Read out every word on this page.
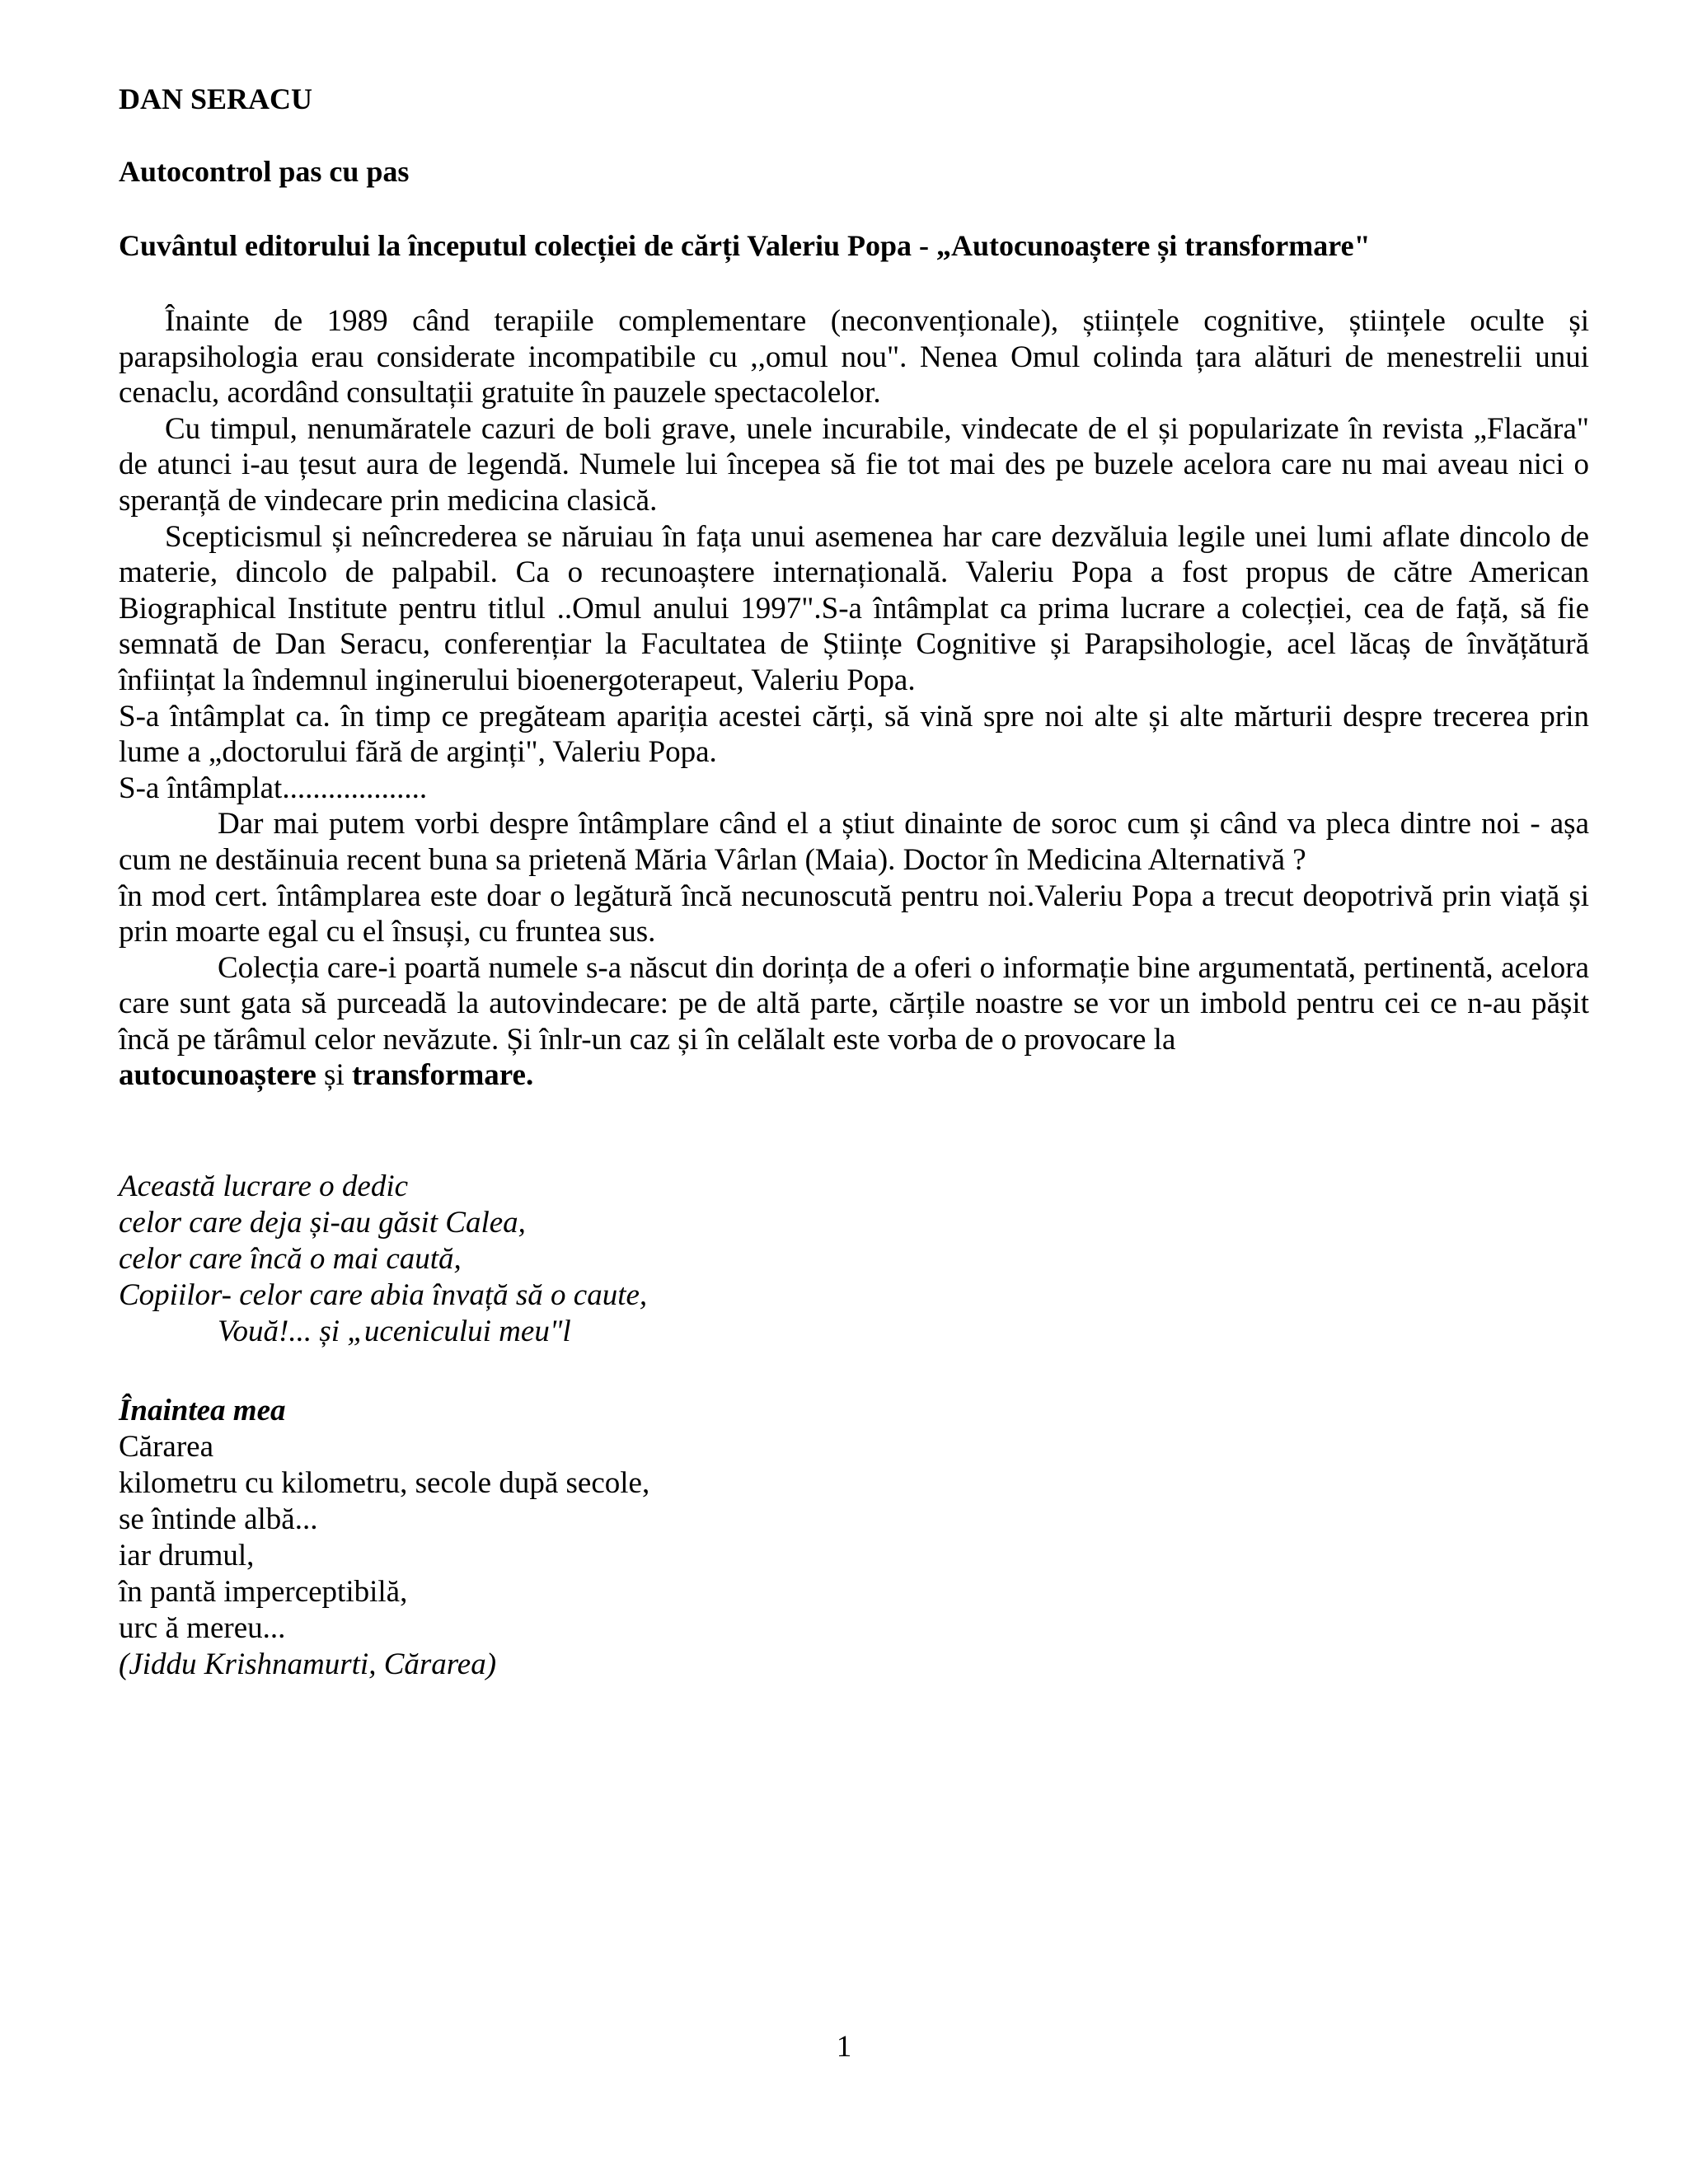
DAN SERACU
Autocontrol pas cu pas
Cuvântul editorului la începutul colecției de cărți Valeriu Popa - „Autocunoaștere și transformare"

Înainte de 1989 când terapiile complementare (neconvenționale), științele cognitive, științele oculte și parapsihologia erau considerate incompatibile cu ,,omul nou". Nenea Omul colinda țara alături de menestrelii unui cenaclu, acordând consultații gratuite în pauzele spectacolelor.

Cu timpul, nenumăratele cazuri de boli grave, unele incurabile, vindecate de el și popularizate în revista „Flacăra" de atunci i-au țesut aura de legendă. Numele lui începea să fie tot mai des pe buzele acelora care nu mai aveau nici o speranță de vindecare prin medicina clasică.

Scepticismul și neîncrederea se năruiau în fața unui asemenea har care dezvăluia legile unei lumi aflate dincolo de materie, dincolo de palpabil. Ca o recunoaștere internațională. Valeriu Popa a fost propus de către American Biographical Institute pentru titlul ..Omul anului 1997".S-a întâmplat ca prima lucrare a colecției, cea de față, să fie semnată de Dan Seracu, conferențiar la Facultatea de Științe Cognitive și Parapsihologie, acel lăcaș de învățătură înființat la îndemnul inginerului bioenergoterapeut, Valeriu Popa.

S-a întâmplat ca. în timp ce pregăteam apariția acestei cărți, să vină spre noi alte și alte mărturii despre trecerea prin lume a „doctorului fără de arginți", Valeriu Popa.

S-a întâmplat...................

Dar mai putem vorbi despre întâmplare când el a știut dinainte de soroc cum și când va pleca dintre noi - așa cum ne destăinuia recent buna sa prietenă Măria Vârlan (Maia). Doctor în Medicina Alternativă ?

în mod cert. întâmplarea este doar o legătură încă necunoscută pentru noi.Valeriu Popa a trecut deopotrivă prin viață și prin moarte egal cu el însuși, cu fruntea sus.

Colecția care-i poartă numele s-a născut din dorința de a oferi o informație bine argumentată, pertinentă, acelora care sunt gata să purceadă la autovindecare: pe de altă parte, cărțile noastre se vor un imbold pentru cei ce n-au pășit încă pe tărâmul celor nevăzute. Și înlr-un caz și în celălalt este vorba de o provocare la
autocunoaștere și transformare.

Această lucrare o dedic
celor care deja și-au găsit Calea,
celor care încă o mai caută,
Copiilor- celor care abia învață să o caute,
Vouă!... și „ucenicului meu"l
Înaintea mea
Cărarea
kilometru cu kilometru, secole după secole,
se întinde albă...
iar drumul,
în pantă imperceptibilă,
urc ă mereu...
(Jiddu Krishnamurti, Cărarea)
1
